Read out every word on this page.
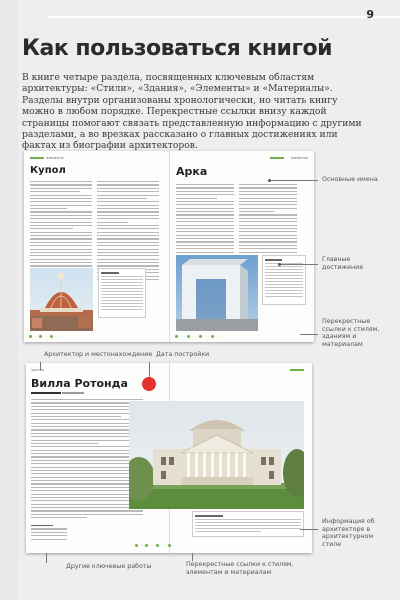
9
Как пользоваться книгой

В книге четыре раздела, посвященных ключевым областям архитектуры: «Стили», «Здания», «Элементы» и «Материалы». Разделы внутри организованы хронологически, но читать книгу можно в любом порядке. Перекрестные ссылки внизу каждой страницы помогают связать представленную информацию с другими разделами, а во врезках рассказано о главных достижениях или фактах из биографии архитекторов.

ЭЛЕМЕНТЫ	ЭЛЕМЕНТЫ
Купол	Арка
· · · · · · · · ·	· · · · · · · · · · · · · ·
ЗДАНИЯ
Вилла Ротонда

· · · · · · · · · · · · · ·
Основные имена
Главные достижения
Перекрестные ссылки к стилям, зданиям и материалам
Архитектор и местонахождение Дата постройки
Информация об архитекторе в архитектурном стиле
Другие ключевые работы	Перекрестные ссылки к стилям, элементам и материалам
